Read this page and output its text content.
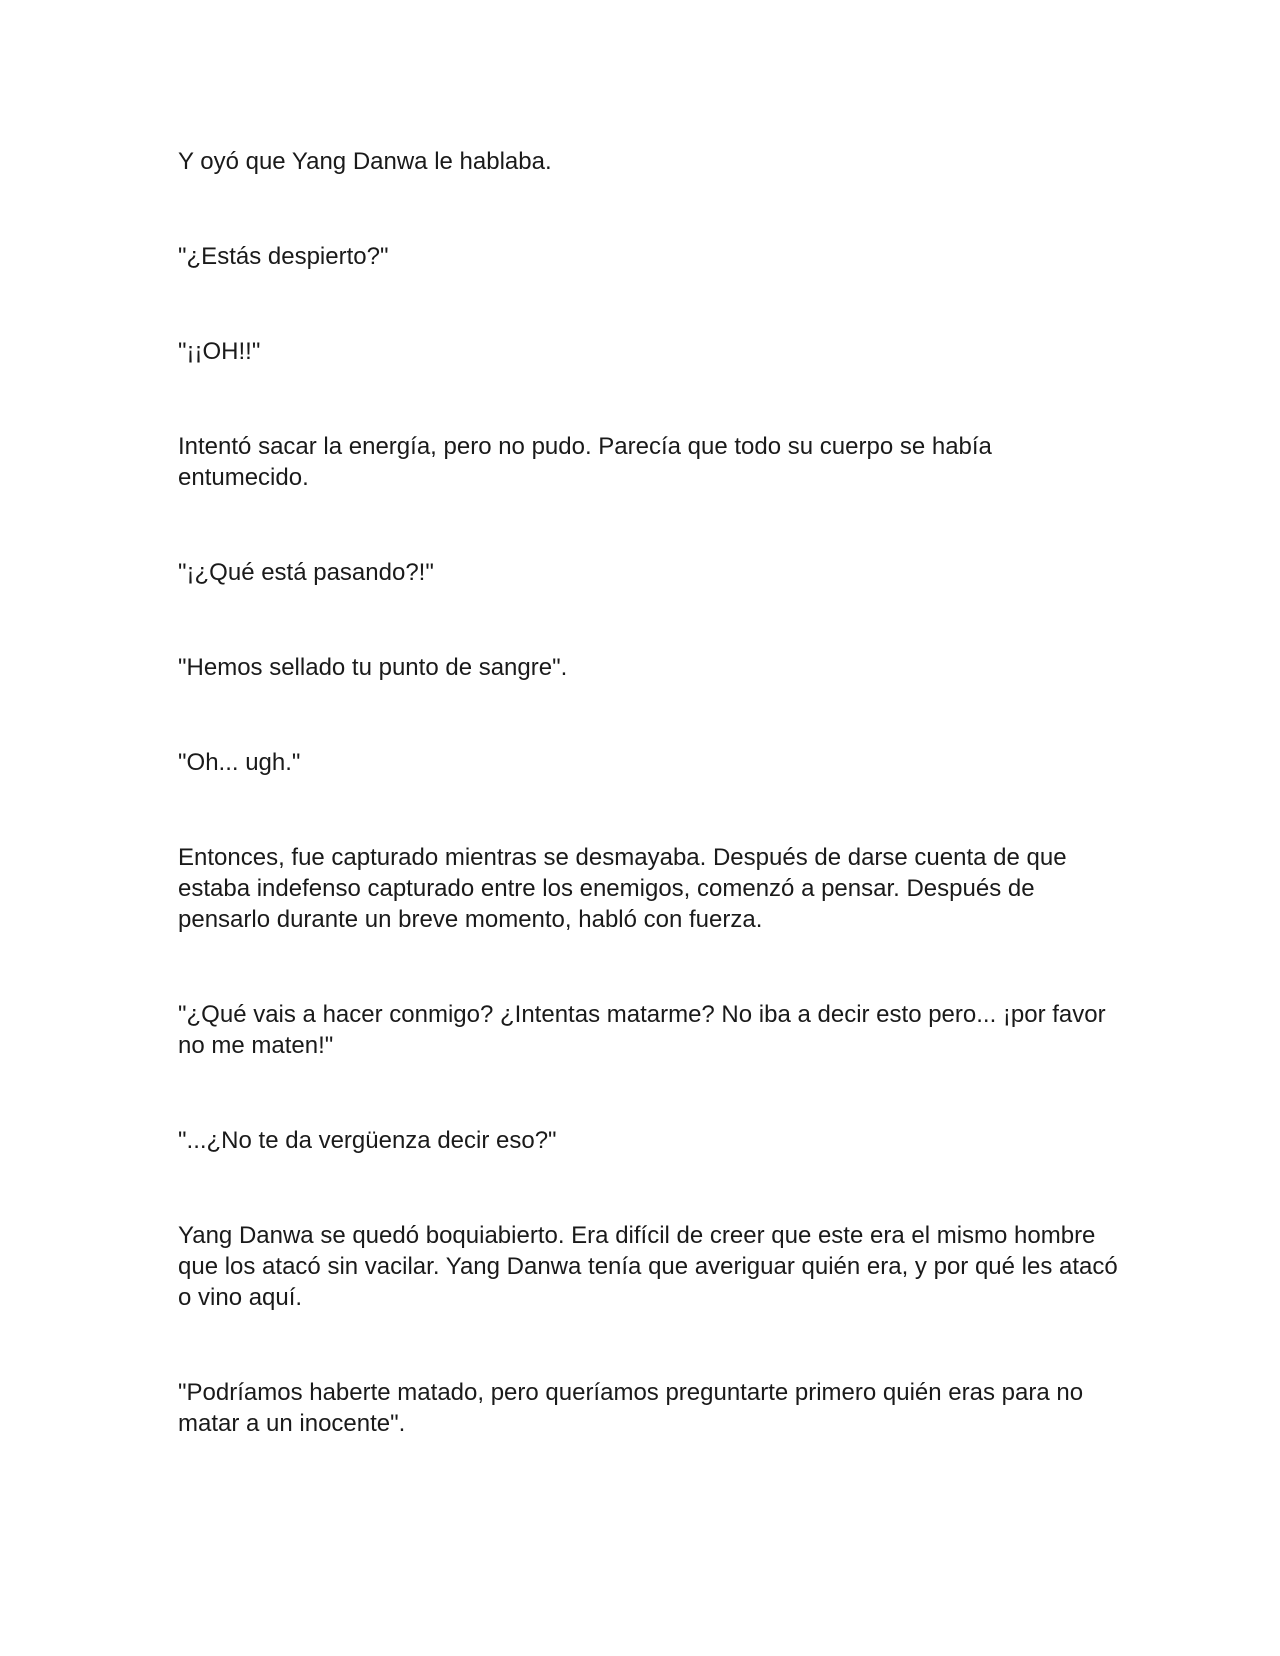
Y oyó que Yang Danwa le hablaba.

"¿Estás despierto?"

"¡¡OH!!"

Intentó sacar la energía, pero no pudo. Parecía que todo su cuerpo se había entumecido.

"¡¿Qué está pasando?!"

"Hemos sellado tu punto de sangre".

"Oh... ugh."

Entonces, fue capturado mientras se desmayaba. Después de darse cuenta de que estaba indefenso capturado entre los enemigos, comenzó a pensar. Después de pensarlo durante un breve momento, habló con fuerza.

"¿Qué vais a hacer conmigo? ¿Intentas matarme? No iba a decir esto pero... ¡por favor no me maten!"

"...¿No te da vergüenza decir eso?"

Yang Danwa se quedó boquiabierto. Era difícil de creer que este era el mismo hombre que los atacó sin vacilar. Yang Danwa tenía que averiguar quién era, y por qué les atacó o vino aquí.

"Podríamos haberte matado, pero queríamos preguntarte primero quién eras para no matar a un inocente".
